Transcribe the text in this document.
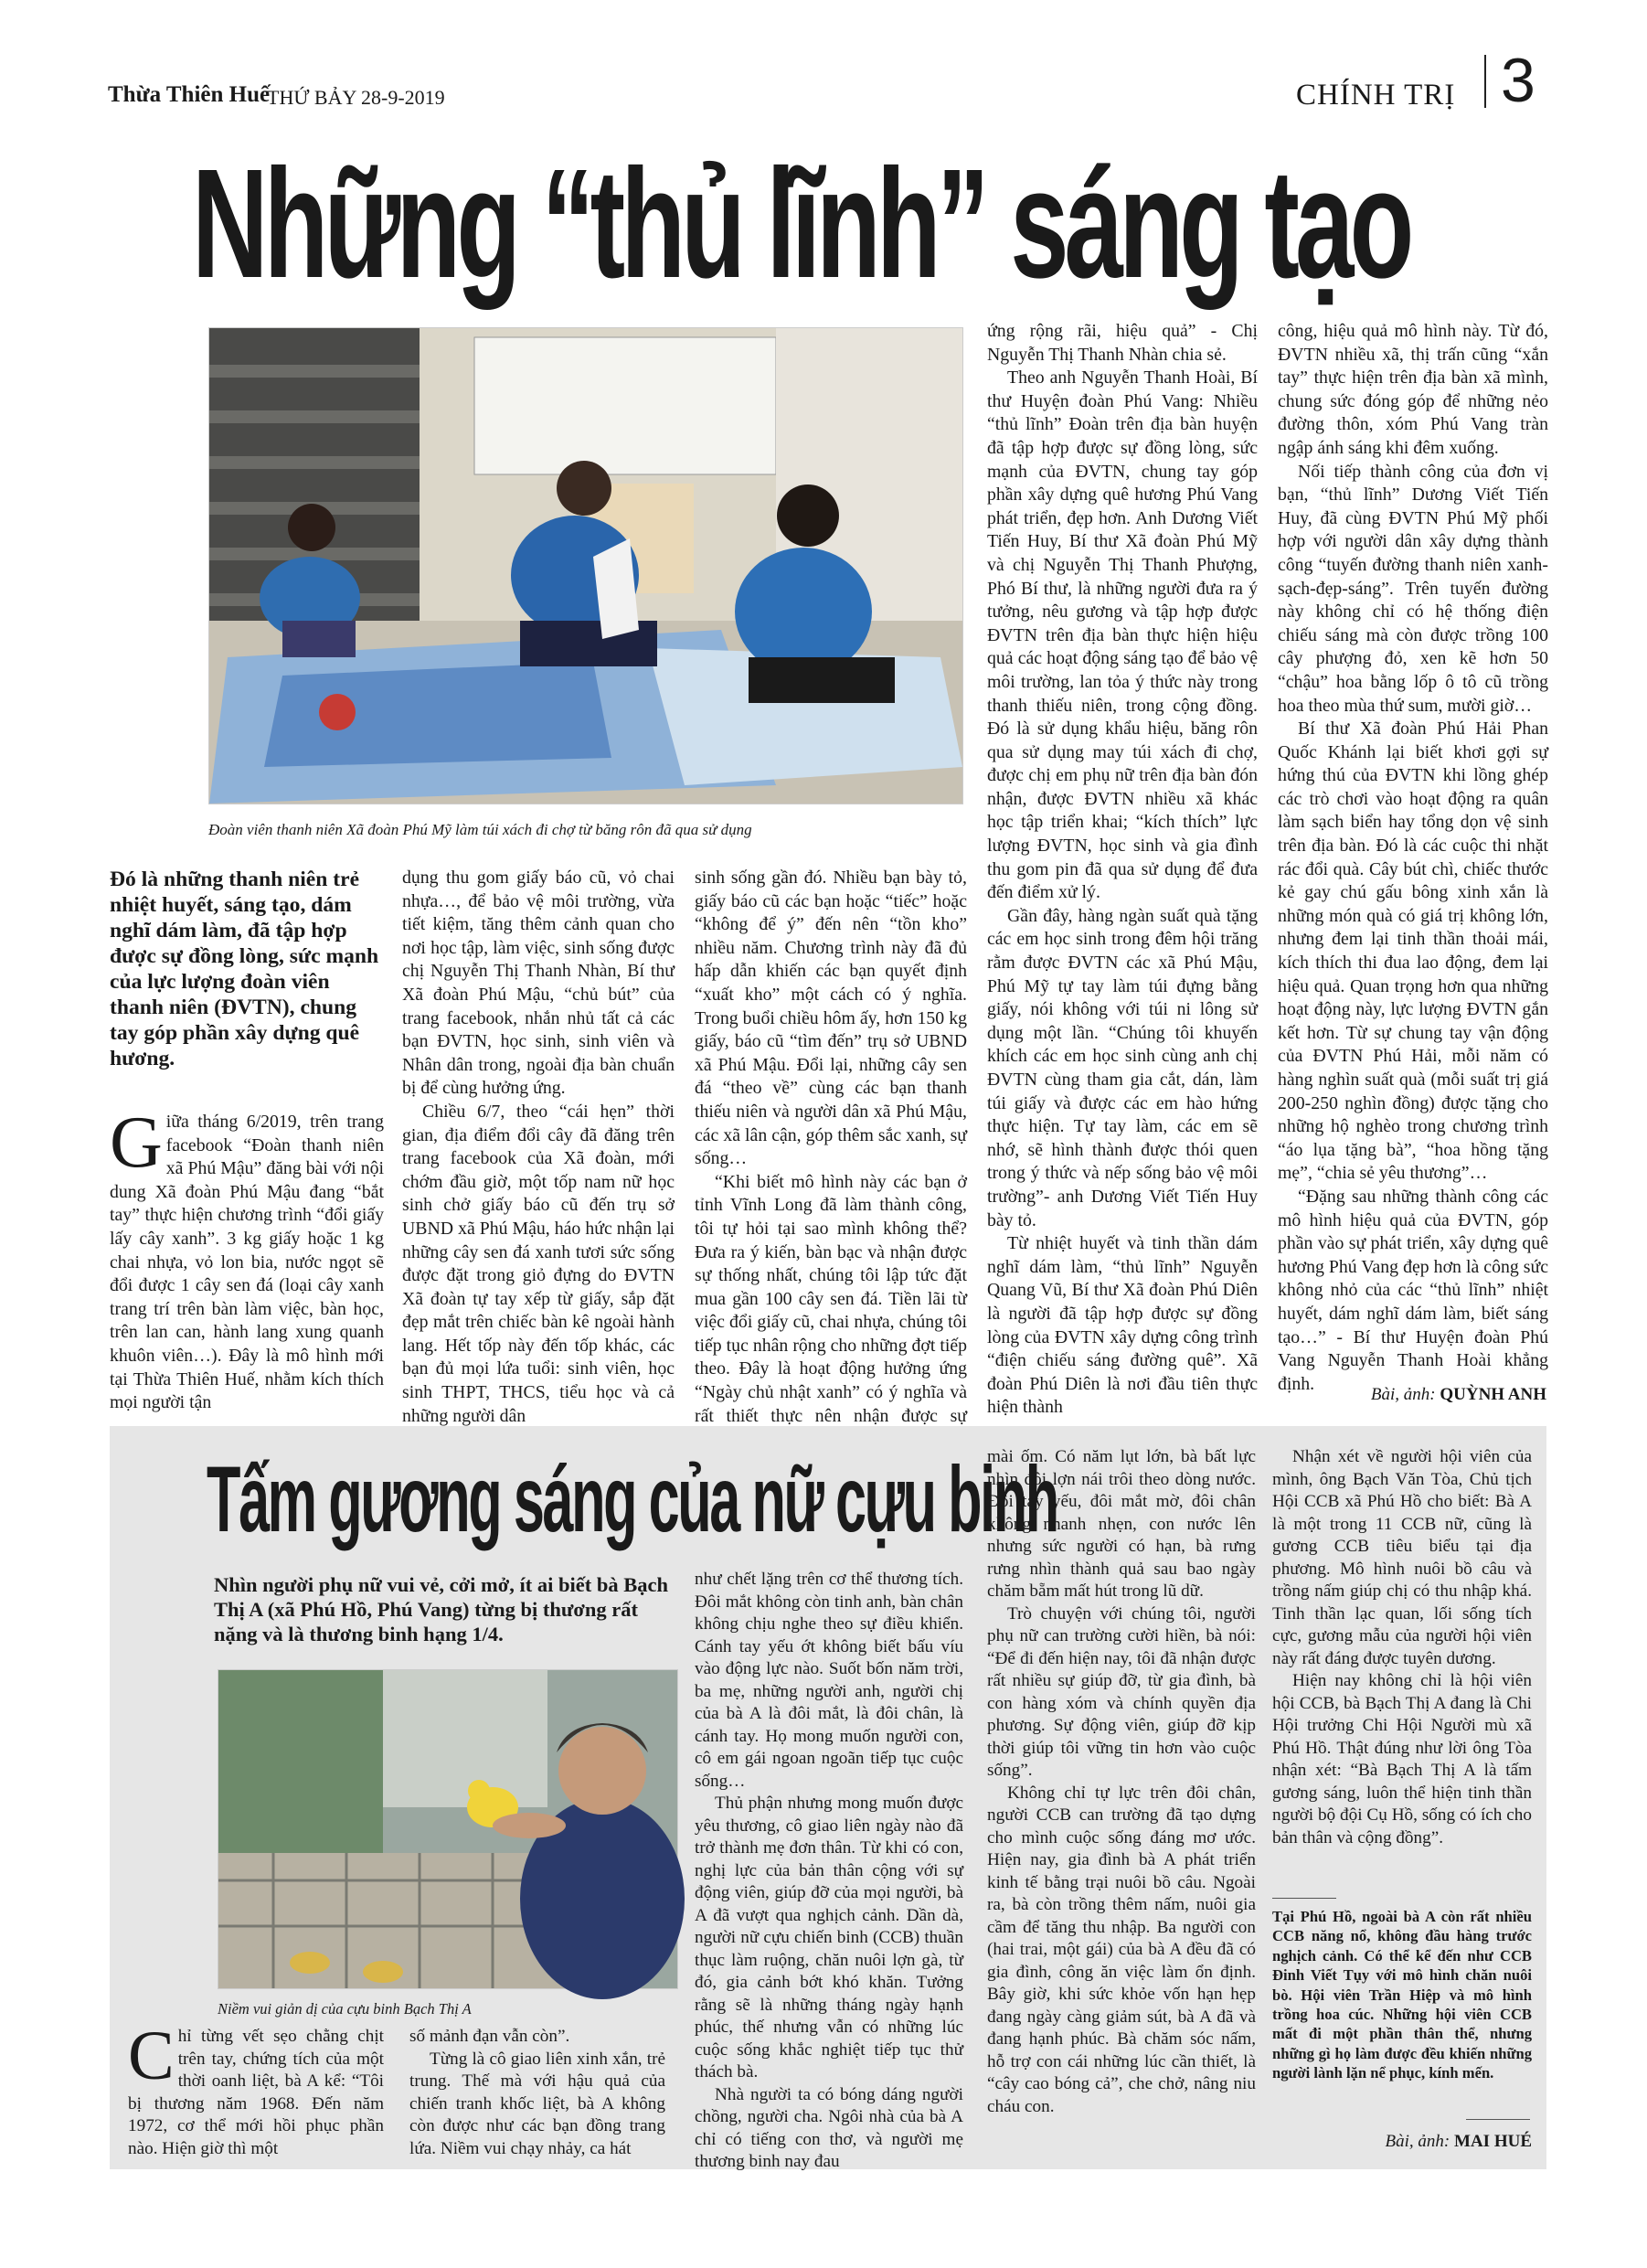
Thừa Thiên Huế
THỨ BẢY 28-9-2019	CHÍNH TRỊ 3
Những “thủ lĩnh” sáng tạo
Đoàn viên thanh niên Xã đoàn Phú Mỹ làm túi xách đi chợ từ băng rôn đã qua sử dụng
Đó là những thanh niên trẻ nhiệt huyết, sáng tạo, dám nghĩ dám làm, đã tập hợp được sự đồng lòng, sức mạnh của lực lượng đoàn viên thanh niên (ĐVTN), chung tay góp phần xây dựng quê hương.
G iữa tháng 6/2019, trên trang facebook “Đoàn thanh niên xã Phú Mậu” đăng bài với nội dung Xã đoàn Phú Mậu đang “bắt tay” thực hiện chương trình “đổi giấy lấy cây xanh”. 3 kg giấy hoặc 1 kg chai nhựa, vỏ lon bia, nước ngọt sẽ đổi được 1 cây sen đá (loại cây xanh trang trí trên bàn làm việc, bàn học, trên lan can, hành lang xung quanh khuôn viên…). Đây là mô hình mới tại Thừa Thiên Huế, nhằm kích thích mọi người tận

dụng thu gom giấy báo cũ, vỏ chai nhựa…, để bảo vệ môi trường, vừa tiết kiệm, tăng thêm cảnh quan cho nơi học tập, làm việc, sinh sống được chị Nguyễn Thị Thanh Nhàn, Bí thư Xã đoàn Phú Mậu, “chủ bút” của trang facebook, nhắn nhủ tất cả các bạn ĐVTN, học sinh, sinh viên và Nhân dân trong, ngoài địa bàn chuẩn bị để cùng hưởng ứng.

Chiều 6/7, theo “cái hẹn” thời gian, địa điểm đổi cây đã đăng trên trang facebook của Xã đoàn, mới chớm đầu giờ, một tốp nam nữ học sinh chở giấy báo cũ đến trụ sở UBND xã Phú Mậu, háo hức nhận lại những cây sen đá xanh tươi sức sống được đặt trong giỏ đựng do ĐVTN Xã đoàn tự tay xếp từ giấy, sắp đặt đẹp mắt trên chiếc bàn kê ngoài hành lang. Hết tốp này đến tốp khác, các bạn đủ mọi lứa tuổi: sinh viên, học sinh THPT, THCS, tiểu học và cả những người dân

sinh sống gần đó. Nhiều bạn bày tỏ, giấy báo cũ các bạn hoặc “tiếc” hoặc “không để ý” đến nên “tồn kho” nhiều năm. Chương trình này đã đủ hấp dẫn khiến các bạn quyết định “xuất kho” một cách có ý nghĩa. Trong buổi chiều hôm ấy, hơn 150 kg giấy, báo cũ “tìm đến” trụ sở UBND xã Phú Mậu. Đổi lại, những cây sen đá “theo về” cùng các bạn thanh thiếu niên và người dân xã Phú Mậu, các xã lân cận, góp thêm sắc xanh, sự sống…

“Khi biết mô hình này các bạn ở tỉnh Vĩnh Long đã làm thành công, tôi tự hỏi tại sao mình không thể? Đưa ra ý kiến, bàn bạc và nhận được sự thống nhất, chúng tôi lập tức đặt mua gần 100 cây sen đá. Tiền lãi từ việc đổi giấy cũ, chai nhựa, chúng tôi tiếp tục nhân rộng cho những đợt tiếp theo. Đây là hoạt động hưởng ứng “Ngày chủ nhật xanh” có ý nghĩa và rất thiết thực nên nhận được sự

ứng rộng rãi, hiệu quả” - Chị Nguyễn Thị Thanh Nhàn chia sẻ.

Theo anh Nguyễn Thanh Hoài, Bí thư Huyện đoàn Phú Vang: Nhiều “thủ lĩnh” Đoàn trên địa bàn huyện đã tập hợp được sự đồng lòng, sức mạnh của ĐVTN, chung tay góp phần xây dựng quê hương Phú Vang phát triển, đẹp hơn. Anh Dương Viết Tiến Huy, Bí thư Xã đoàn Phú Mỹ và chị Nguyễn Thị Thanh Phượng, Phó Bí thư, là những người đưa ra ý tưởng, nêu gương và tập hợp được ĐVTN trên địa bàn thực hiện hiệu quả các hoạt động sáng tạo để bảo vệ môi trường, lan tỏa ý thức này trong thanh thiếu niên, trong cộng đồng. Đó là sử dụng khẩu hiệu, băng rôn qua sử dụng may túi xách đi chợ, được chị em phụ nữ trên địa bàn đón nhận, được ĐVTN nhiều xã khác học tập triển khai; “kích thích” lực lượng ĐVTN, học sinh và gia đình thu gom pin đã qua sử dụng để đưa đến điểm xử lý.

Gần đây, hàng ngàn suất quà tặng các em học sinh trong đêm hội trăng rằm được ĐVTN các xã Phú Mậu, Phú Mỹ tự tay làm túi đựng bằng giấy, nói không với túi ni lông sử dụng một lần. “Chúng tôi khuyến khích các em học sinh cùng anh chị ĐVTN cùng tham gia cắt, dán, làm túi giấy và được các em hào hứng thực hiện. Tự tay làm, các em sẽ nhớ, sẽ hình thành được thói quen trong ý thức và nếp sống bảo vệ môi trường”- anh Dương Viết Tiến Huy bày tỏ.

Từ nhiệt huyết và tinh thần dám nghĩ dám làm, “thủ lĩnh” Nguyễn Quang Vũ, Bí thư Xã đoàn Phú Diên là người đã tập hợp được sự đồng lòng của ĐVTN xây dựng công trình “điện chiếu sáng đường quê”. Xã đoàn Phú Diên là nơi đầu tiên thực hiện thành

công, hiệu quả mô hình này. Từ đó, ĐVTN nhiều xã, thị trấn cũng “xắn tay” thực hiện trên địa bàn xã mình, chung sức đóng góp để những nẻo đường thôn, xóm Phú Vang tràn ngập ánh sáng khi đêm xuống.

Nối tiếp thành công của đơn vị bạn, “thủ lĩnh” Dương Viết Tiến Huy, đã cùng ĐVTN Phú Mỹ phối hợp với người dân xây dựng thành công “tuyến đường thanh niên xanh-sạch-đẹp-sáng”. Trên tuyến đường này không chỉ có hệ thống điện chiếu sáng mà còn được trồng 100 cây phượng đỏ, xen kẽ hơn 50 “chậu” hoa bằng lốp ô tô cũ trồng hoa theo mùa thứ sum, mười giờ…

Bí thư Xã đoàn Phú Hải Phan Quốc Khánh lại biết khơi gợi sự hứng thú của ĐVTN khi lồng ghép các trò chơi vào hoạt động ra quân làm sạch biển hay tổng dọn vệ sinh trên địa bàn. Đó là các cuộc thi nhặt rác đổi quà. Cây bút chì, chiếc thước kẻ gay chú gấu bông xinh xắn là những món quà có giá trị không lớn, nhưng đem lại tinh thần thoải mái, kích thích thi đua lao động, đem lại hiệu quả. Quan trọng hơn qua những hoạt động này, lực lượng ĐVTN gắn kết hơn. Từ sự chung tay vận động của ĐVTN Phú Hải, mỗi năm có hàng nghìn suất quà (mỗi suất trị giá 200-250 nghìn đồng) được tặng cho những hộ nghèo trong chương trình “áo lụa tặng bà”, “hoa hồng tặng mẹ”, “chia sẻ yêu thương”…

“Đặng sau những thành công các mô hình hiệu quả của ĐVTN, góp phần vào sự phát triển, xây dựng quê hương Phú Vang đẹp hơn là công sức không nhỏ của các “thủ lĩnh” nhiệt huyết, dám nghĩ dám làm, biết sáng tạo…” - Bí thư Huyện đoàn Phú Vang Nguyễn Thanh Hoài khẳng định.

Bài, ảnh: QUỲNH ANH
Tấm gương sáng của nữ cựu binh
Nhìn người phụ nữ vui vẻ, cởi mở, ít ai biết bà Bạch Thị A (xã Phú Hồ, Phú Vang) từng bị thương rất nặng và là thương binh hạng 1/4.
Niềm vui giản dị của cựu binh Bạch Thị A
C hỉ từng vết sẹo chằng chịt trên tay, chứng tích của một thời oanh liệt, bà A kể: “Tôi bị thương năm 1968. Đến năm 1972, cơ thể mới hồi phục phần nào. Hiện giờ thì một

số mảnh đạn vẫn còn”.

Từng là cô giao liên xinh xắn, trẻ trung. Thế mà với hậu quả của chiến tranh khốc liệt, bà A không còn được như các bạn đồng trang lứa. Niềm vui chạy nhảy, ca hát

như chết lặng trên cơ thể thương tích. Đôi mắt không còn tinh anh, bàn chân không chịu nghe theo sự điều khiển. Cánh tay yếu ớt không biết bấu víu vào động lực nào. Suốt bốn năm trời, ba mẹ, những người anh, người chị của bà A là đôi mắt, là đôi chân, là cánh tay. Họ mong muốn người con, cô em gái ngoan ngoãn tiếp tục cuộc sống…

Thủ phận nhưng mong muốn được yêu thương, cô giao liên ngày nào đã trở thành mẹ đơn thân. Từ khi có con, nghị lực của bản thân cộng với sự động viên, giúp đỡ của mọi người, bà A đã vượt qua nghịch cảnh. Dần dà, người nữ cựu chiến binh (CCB) thuần thục làm ruộng, chăn nuôi lợn gà, từ đó, gia cảnh bớt khó khăn. Tưởng rằng sẽ là những tháng ngày hạnh phúc, thế nhưng vẫn có những lúc cuộc sống khắc nghiệt tiếp tục thử thách bà.

Nhà người ta có bóng dáng người chồng, người cha. Ngôi nhà của bà A chỉ có tiếng con thơ, và người mẹ thương binh nay đau

mài ốm. Có năm lụt lớn, bà bất lực nhìn đôi lợn nái trôi theo dòng nước. Đôi tay yếu, đôi mắt mờ, đôi chân không nhanh nhẹn, con nước lên nhưng sức người có hạn, bà rưng rưng nhìn thành quả sau bao ngày chăm bẵm mất hút trong lũ dữ.

Trò chuyện với chúng tôi, người phụ nữ can trường cười hiền, bà nói: “Để đi đến hiện nay, tôi đã nhận được rất nhiều sự giúp đỡ, từ gia đình, bà con hàng xóm và chính quyền địa phương. Sự động viên, giúp đỡ kịp thời giúp tôi vững tin hơn vào cuộc sống”.

Không chỉ tự lực trên đôi chân, người CCB can trường đã tạo dựng cho mình cuộc sống đáng mơ ước. Hiện nay, gia đình bà A phát triển kinh tế bằng trại nuôi bồ câu. Ngoài ra, bà còn trồng thêm nấm, nuôi gia cầm để tăng thu nhập. Ba người con (hai trai, một gái) của bà A đều đã có gia đình, công ăn việc làm ổn định. Bây giờ, khi sức khỏe vốn hạn hẹp đang ngày càng giảm sút, bà A đã và đang hạnh phúc. Bà chăm sóc nấm, hỗ trợ con cái những lúc cần thiết, là “cây cao bóng cả”, che chở, nâng niu cháu con.

Nhận xét về người hội viên của mình, ông Bạch Văn Tòa, Chủ tịch Hội CCB xã Phú Hồ cho biết: Bà A là một trong 11 CCB nữ, cũng là gương CCB tiêu biểu tại địa phương. Mô hình nuôi bồ câu và trồng nấm giúp chị có thu nhập khá. Tinh thần lạc quan, lối sống tích cực, gương mẫu của người hội viên này rất đáng được tuyên dương.

Hiện nay không chỉ là hội viên hội CCB, bà Bạch Thị A đang là Chi Hội trưởng Chi Hội Người mù xã Phú Hồ. Thật đúng như lời ông Tòa nhận xét: “Bà Bạch Thị A là tấm gương sáng, luôn thể hiện tinh thần người bộ đội Cụ Hồ, sống có ích cho bản thân và cộng đồng”.

Tại Phú Hồ, ngoài bà A còn rất nhiều CCB năng nổ, không đầu hàng trước nghịch cảnh. Có thể kể đến như CCB Đinh Viết Tụy với mô hình chăn nuôi bò. Hội viên Trần Hiệp và mô hình trồng hoa cúc. Những hội viên CCB mất đi một phần thân thể, nhưng những gì họ làm được đều khiến những người lành lặn nể phục, kính mến.
Bài, ảnh: MAI HUÉ
